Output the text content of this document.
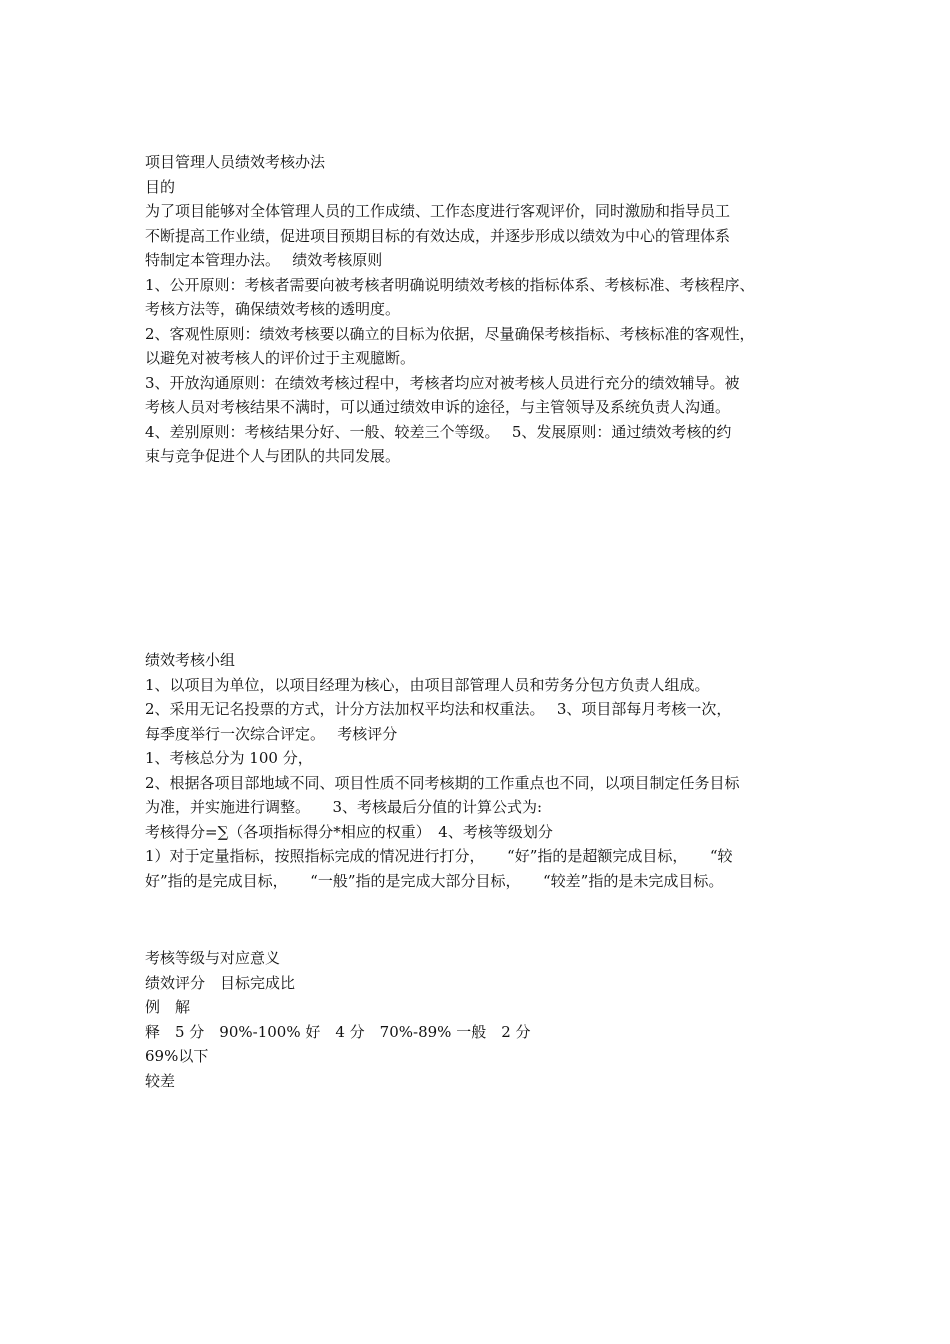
项目管理人员绩效考核办法
目的
为了项目能够对全体管理人员的工作成绩、工作态度进行客观评价，同时激励和指导员工
不断提高工作业绩，促进项目预期目标的有效达成，并逐步形成以绩效为中心的管理体系
特制定本管理办法。　 绩效考核原则
1、公开原则：考核者需要向被考核者明确说明绩效考核的指标体系、考核标准、考核程序、
考核方法等，确保绩效考核的透明度。
2、客观性原则：绩效考核要以确立的目标为依据，尽量确保考核指标、考核标准的客观性，
以避免对被考核人的评价过于主观臆断。
3、开放沟通原则：在绩效考核过程中，考核者均应对被考核人员进行充分的绩效辅导。被
考核人员对考核结果不满时，可以通过绩效申诉的途径，与主管领导及系统负责人沟通。
4、差别原则：考核结果分好、一般、较差三个等级。　 5、发展原则：通过绩效考核的约
束与竞争促进个人与团队的共同发展。
绩效考核小组
1、以项目为单位，以项目经理为核心，由项目部管理人员和劳务分包方负责人组成。
2、采用无记名投票的方式，计分方法加权平均法和权重法。　 3、项目部每月考核一次，
每季度举行一次综合评定。　 考核评分
1、考核总分为 100 分，
2、根据各项目部地域不同、项目性质不同考核期的工作重点也不同，以项目制定任务目标
为准，并实施进行调整。　　3、考核最后分值的计算公式为:
考核得分=∑（各项指标得分*相应的权重）　4、考核等级划分
1）对于定量指标，按照指标完成的情况进行打分，　　“好”指的是超额完成目标，　　“较
好”指的是完成目标，　　“一般”指的是完成大部分目标，　　“较差”指的是未完成目标。
考核等级与对应意义
绩效评分　目标完成比
例　解
释　5 分　90%-100% 好　4 分　70%-89% 一般　2 分
69%以下
较差
